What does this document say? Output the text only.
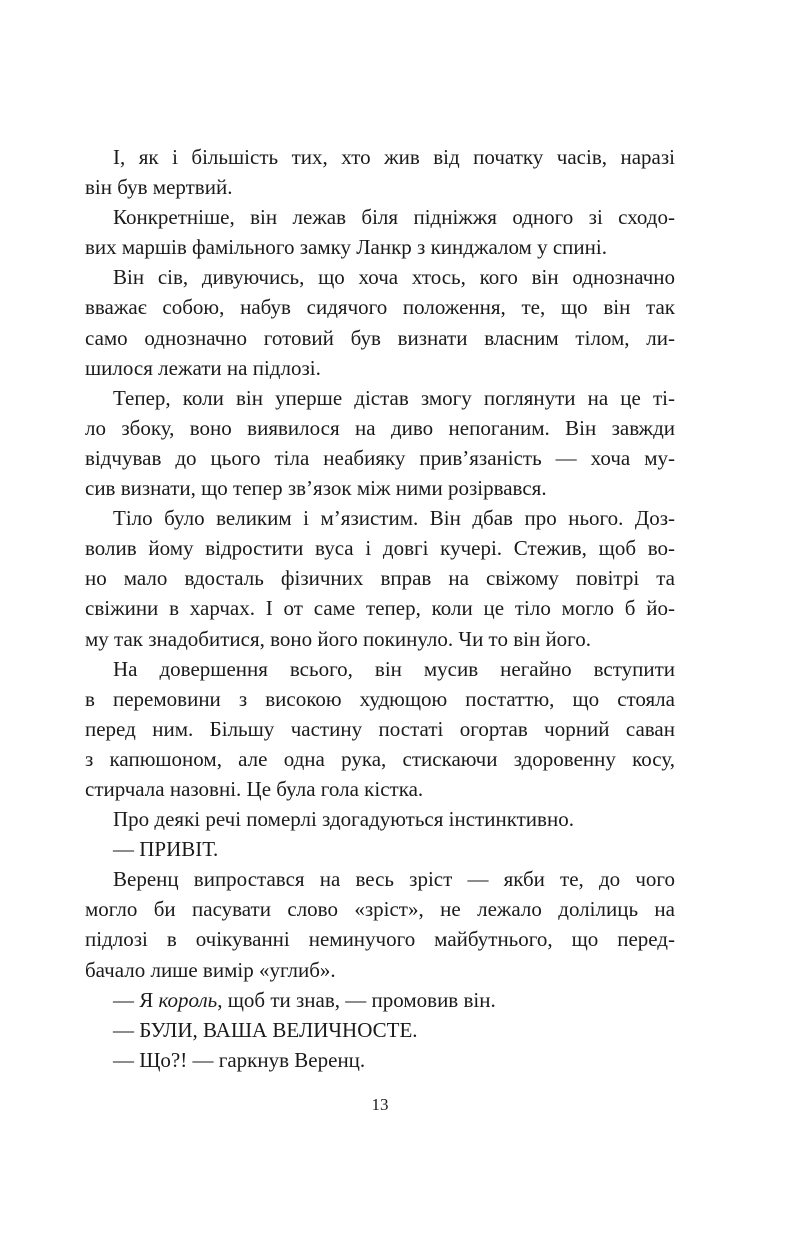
І, як і більшість тих, хто жив від початку часів, наразі
він був мертвий.
Конкретніше, він лежав біля підніжжя одного зі сходо-
вих маршів фамільного замку Ланкр з кинджалом у спині.
Він сів, дивуючись, що хоча хтось, кого він однозначно
вважає собою, набув сидячого положення, те, що він так
само однозначно готовий був визнати власним тілом, ли-
шилося лежати на підлозі.
Тепер, коли він уперше дістав змогу поглянути на це ті-
ло збоку, воно виявилося на диво непоганим. Він завжди
відчував до цього тіла неабияку прив’язаність — хоча му-
сив визнати, що тепер зв’язок між ними розірвався.
Тіло було великим і м’язистим. Він дбав про нього. Доз-
волив йому відростити вуса і довгі кучері. Стежив, щоб во-
но мало вдосталь фізичних вправ на свіжому повітрі та
свіжини в харчах. І от саме тепер, коли це тіло могло б йо-
му так знадобитися, воно його покинуло. Чи то він його.
На довершення всього, він мусив негайно вступити
в перемовини з високою худющою постаттю, що стояла
перед ним. Більшу частину постаті огортав чорний саван
з капюшоном, але одна рука, стискаючи здоровенну косу,
стирчала назовні. Це була гола кістка.
Про деякі речі померлі здогадуються інстинктивно.
— ПРИВІТ.
Веренц випростався на весь зріст — якби те, до чого
могло би пасувати слово «зріст», не лежало долілиць на
підлозі в очікуванні неминучого майбутнього, що перед-
бачало лише вимір «углиб».
— Я король, щоб ти знав, — промовив він.
— БУЛИ, ВАША ВЕЛИЧНОСТЕ.
— Що?! — гаркнув Веренц.
13
